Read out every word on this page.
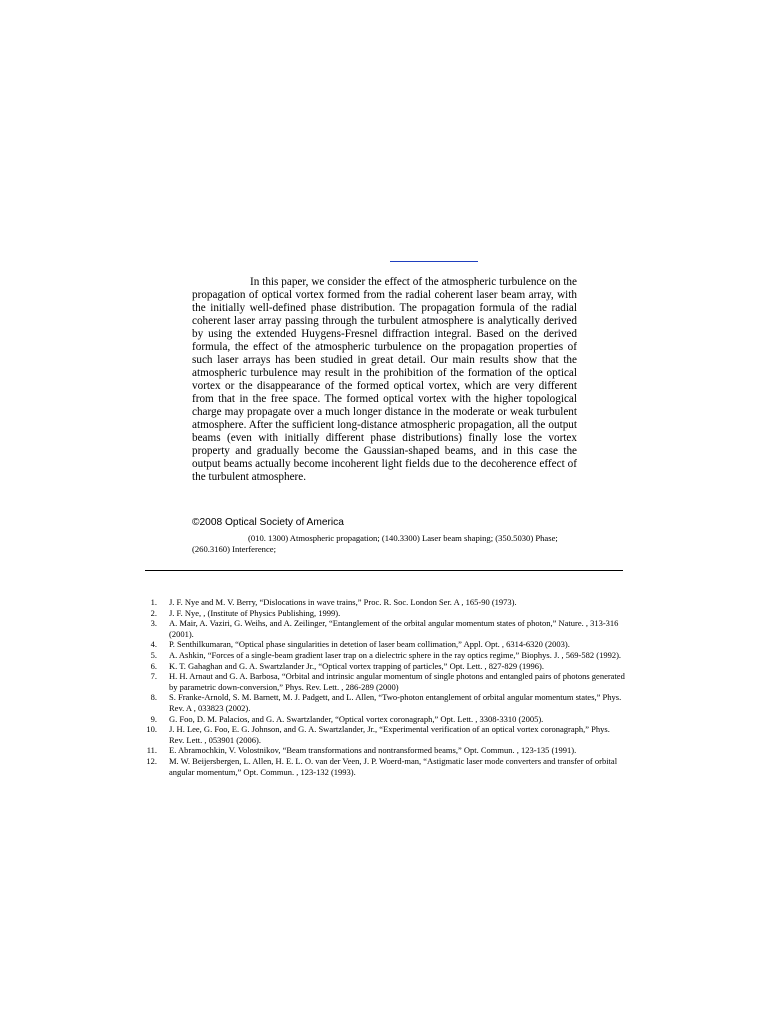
In this paper, we consider the effect of the atmospheric turbulence on the propagation of optical vortex formed from the radial coherent laser beam array, with the initially well-defined phase distribution. The propagation formula of the radial coherent laser array passing through the turbulent atmosphere is analytically derived by using the extended Huygens-Fresnel diffraction integral. Based on the derived formula, the effect of the atmospheric turbulence on the propagation properties of such laser arrays has been studied in great detail. Our main results show that the atmospheric turbulence may result in the prohibition of the formation of the optical vortex or the disappearance of the formed optical vortex, which are very different from that in the free space. The formed optical vortex with the higher topological charge may propagate over a much longer distance in the moderate or weak turbulent atmosphere. After the sufficient long-distance atmospheric propagation, all the output beams (even with initially different phase distributions) finally lose the vortex property and gradually become the Gaussian-shaped beams, and in this case the output beams actually become incoherent light fields due to the decoherence effect of the turbulent atmosphere.

©2008 Optical Society of America

(010. 1300) Atmospheric propagation; (140.3300) Laser beam shaping; (350.5030) Phase; (260.3160) Interference;

1. J. F. Nye and M. V. Berry, “Dislocations in wave trains,” Proc. R. Soc. London Ser. A , 165-90 (1973).
2. J. F. Nye, , (Institute of Physics Publishing, 1999).
3. A. Mair, A. Vaziri, G. Weihs, and A. Zeilinger, “Entanglement of the orbital angular momentum states of photon,” Nature. , 313-316 (2001).
4. P. Senthilkumaran, “Optical phase singularities in detetion of laser beam collimation,” Appl. Opt. , 6314-6320 (2003).
5. A. Ashkin, “Forces of a single-beam gradient laser trap on a dielectric sphere in the ray optics regime,” Biophys. J. , 569-582 (1992).
6. K. T. Gahaghan and G. A. Swartzlander Jr., “Optical vortex trapping of particles,” Opt. Lett. , 827-829 (1996).
7. H. H. Arnaut and G. A. Barbosa, “Orbital and intrinsic angular momentum of single photons and entangled pairs of photons generated by parametric down-conversion,” Phys. Rev. Lett. , 286-289 (2000)
8. S. Franke-Arnold, S. M. Barnett, M. J. Padgett, and L. Allen, “Two-photon entanglement of orbital angular momentum states,” Phys. Rev. A , 033823 (2002).
9. G. Foo, D. M. Palacios, and G. A. Swartzlander, “Optical vortex coronagraph,” Opt. Lett. , 3308-3310 (2005).
10. J. H. Lee, G. Foo, E. G. Johnson, and G. A. Swartzlander, Jr., “Experimental verification of an optical vortex coronagraph,” Phys. Rev. Lett. , 053901 (2006).
11. E. Abramochkin, V. Volostnikov, “Beam transformations and nontransformed beams,” Opt. Commun. , 123-135 (1991).
12. M. W. Beijersbergen, L. Allen, H. E. L. O. van der Veen, J. P. Woerd-man, “Astigmatic laser mode converters and transfer of orbital angular momentum,” Opt. Commun. , 123-132 (1993).
